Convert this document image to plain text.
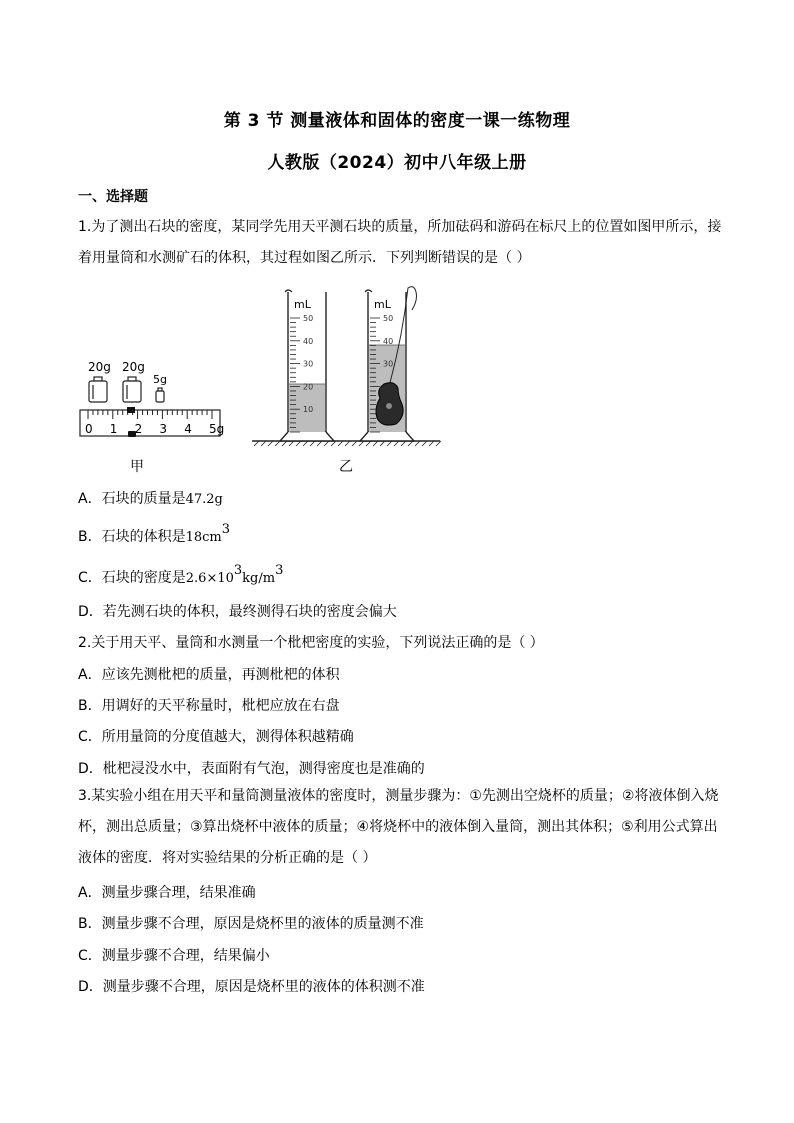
第 3 节 测量液体和固体的密度一课一练物理
人教版（2024）初中八年级上册
一、选择题
1.为了测出石块的密度，某同学先用天平测石块的质量，所加砝码和游码在标尺上的位置如图甲所示，接着用量筒和水测矿石的体积，其过程如图乙所示．下列判断错误的是（ ）
20g 20g
5g
0 1 2 3 4 5g
甲
mL
50
40
30
20
10
mL
50
40
30
乙
A．石块的质量是47.2g
B．石块的体积是$18cm^3$
C．石块的密度是$2.6\times 10^3kg/m^3$
D．若先测石块的体积，最终测得石块的密度会偏大
2.关于用天平、量筒和水测量一个枇杷密度的实验，下列说法正确的是（ ）
A．应该先测枇杷的质量，再测枇杷的体积
B．用调好的天平称量时，枇杷应放在右盘
C．所用量筒的分度值越大，测得体积越精确
D．枇杷浸没水中，表面附有气泡，测得密度也是准确的
3.某实验小组在用天平和量筒测量液体的密度时，测量步骤为：①先测出空烧杯的质量；②将液体倒入烧杯，测出总质量；③算出烧杯中液体的质量；④将烧杯中的液体倒入量筒，测出其体积；⑤利用公式算出液体的密度．将对实验结果的分析正确的是（ ）
A．测量步骤合理，结果准确
B．测量步骤不合理，原因是烧杯里的液体的质量测不准
C．测量步骤不合理，结果偏小
D．测量步骤不合理，原因是烧杯里的液体的体积测不准
